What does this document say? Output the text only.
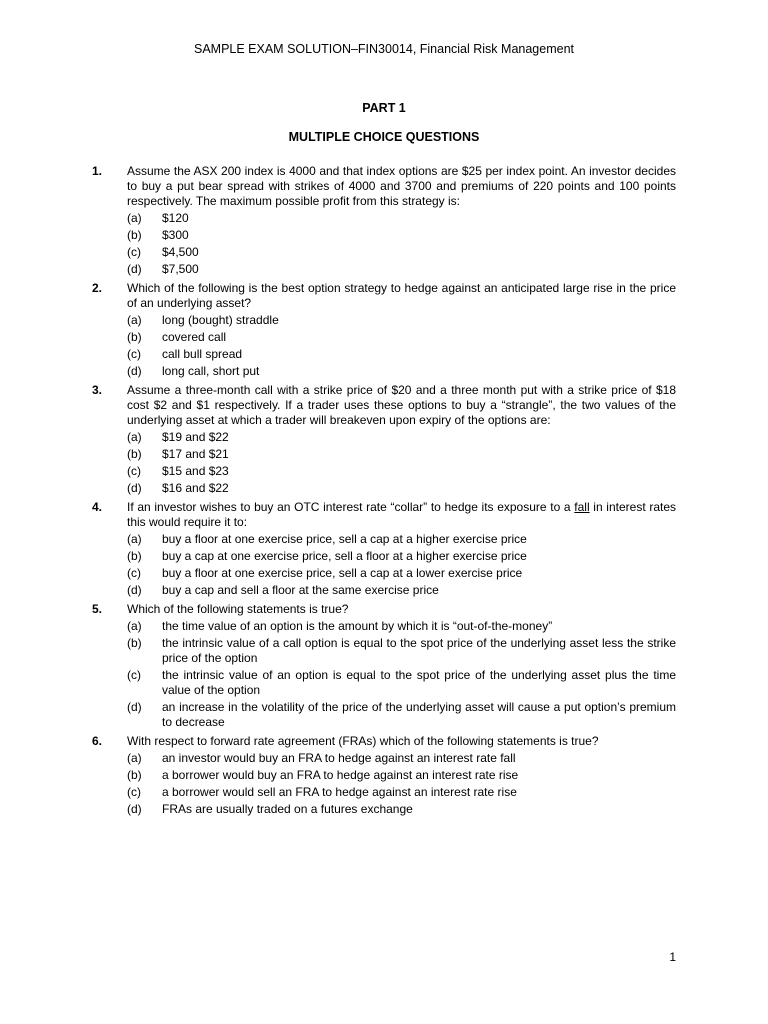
SAMPLE EXAM SOLUTION–FIN30014, Financial Risk Management
PART 1
MULTIPLE CHOICE QUESTIONS
1. Assume the ASX 200 index is 4000 and that index options are $25 per index point. An investor decides to buy a put bear spread with strikes of 4000 and 3700 and premiums of 220 points and 100 points respectively. The maximum possible profit from this strategy is:
(a) $120
(b) $300
(c) $4,500
(d) $7,500
2. Which of the following is the best option strategy to hedge against an anticipated large rise in the price of an underlying asset?
(a) long (bought) straddle
(b) covered call
(c) call bull spread
(d) long call, short put
3. Assume a three-month call with a strike price of $20 and a three month put with a strike price of $18 cost $2 and $1 respectively. If a trader uses these options to buy a “strangle”, the two values of the underlying asset at which a trader will breakeven upon expiry of the options are:
(a) $19 and $22
(b) $17 and $21
(c) $15 and $23
(d) $16 and $22
4. If an investor wishes to buy an OTC interest rate “collar” to hedge its exposure to a fall in interest rates this would require it to:
(a) buy a floor at one exercise price, sell a cap at a higher exercise price
(b) buy a cap at one exercise price, sell a floor at a higher exercise price
(c) buy a floor at one exercise price, sell a cap at a lower exercise price
(d) buy a cap and sell a floor at the same exercise price
5. Which of the following statements is true?
(a) the time value of an option is the amount by which it is “out-of-the-money”
(b) the intrinsic value of a call option is equal to the spot price of the underlying asset less the strike price of the option
(c) the intrinsic value of an option is equal to the spot price of the underlying asset plus the time value of the option
(d) an increase in the volatility of the price of the underlying asset will cause a put option’s premium to decrease
6. With respect to forward rate agreement (FRAs) which of the following statements is true?
(a) an investor would buy an FRA to hedge against an interest rate fall
(b) a borrower would buy an FRA to hedge against an interest rate rise
(c) a borrower would sell an FRA to hedge against an interest rate rise
(d) FRAs are usually traded on a futures exchange
1
